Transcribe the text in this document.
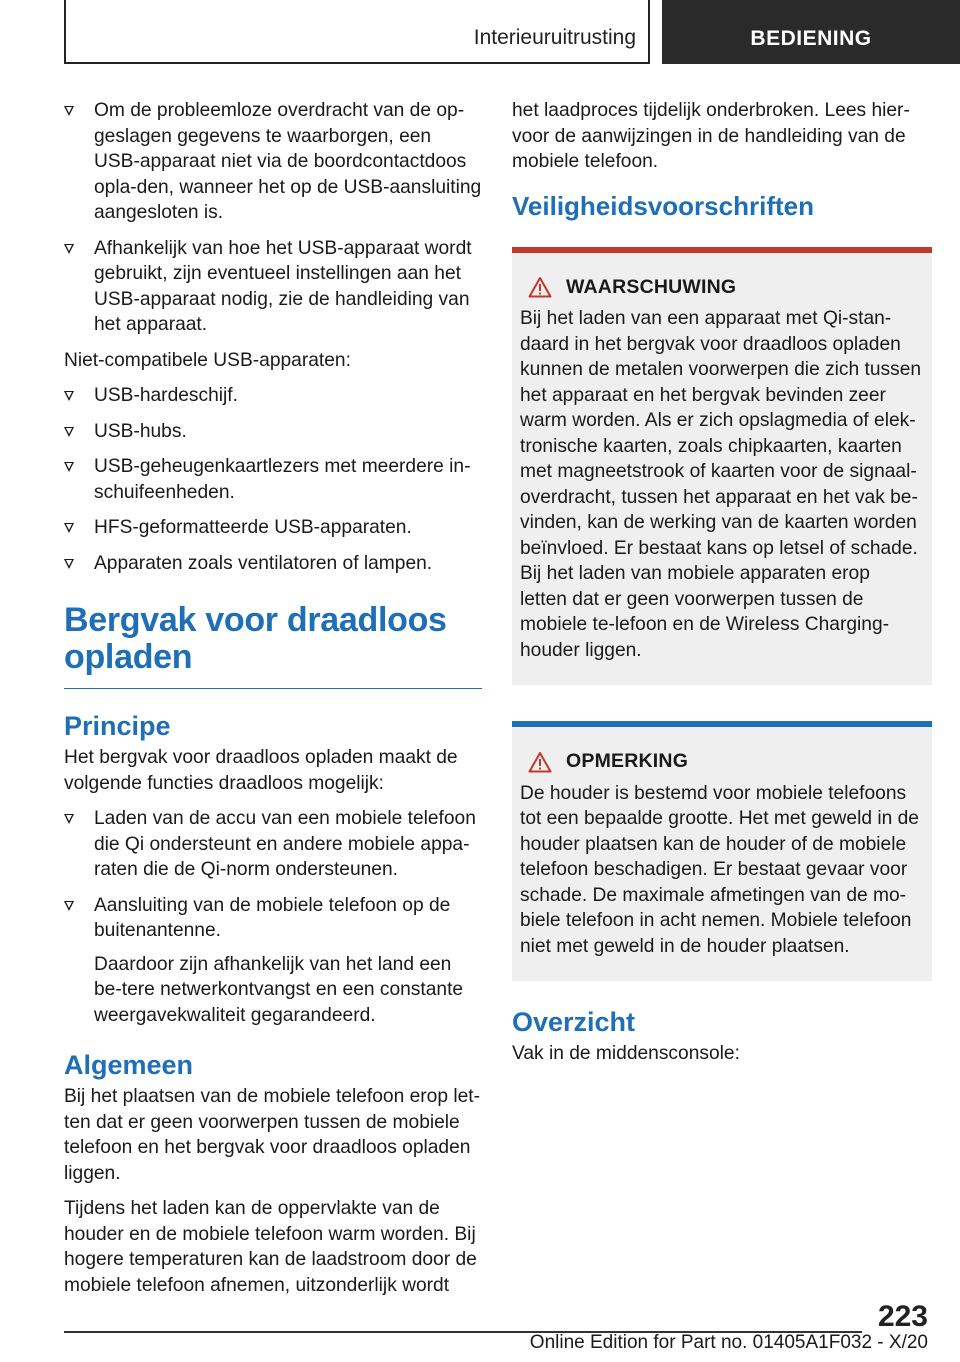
Interieuruitrusting	BEDIENING
Om de probleemloze overdracht van de op-geslagen gegevens te waarborgen, een USB-apparaat niet via de boordcontactdoos opla-den, wanneer het op de USB-aansluiting aangesloten is.
Afhankelijk van hoe het USB-apparaat wordt gebruikt, zijn eventueel instellingen aan het USB-apparaat nodig, zie de handleiding van het apparaat.
Niet-compatibele USB-apparaten:
USB-hardeschijf.
USB-hubs.
USB-geheugenkaartlezers met meerdere in-schuifeenheden.
HFS-geformatteerde USB-apparaten.
Apparaten zoals ventilatoren of lampen.
Bergvak voor draadloos opladen
Principe
Het bergvak voor draadloos opladen maakt de volgende functies draadloos mogelijk:
Laden van de accu van een mobiele telefoon die Qi ondersteunt en andere mobiele appa-raten die de Qi-norm ondersteunen.
Aansluiting van de mobiele telefoon op de buitenantenne.
Daardoor zijn afhankelijk van het land een be-tere netwerkontvangst en een constante weergavekwaliteit gegarandeerd.
Algemeen
Bij het plaatsen van de mobiele telefoon erop let-ten dat er geen voorwerpen tussen de mobiele telefoon en het bergvak voor draadloos opladen liggen.
Tijdens het laden kan de oppervlakte van de houder en de mobiele telefoon warm worden. Bij hogere temperaturen kan de laadstroom door de mobiele telefoon afnemen, uitzonderlijk wordt
het laadproces tijdelijk onderbroken. Lees hier-voor de aanwijzingen in de handleiding van de mobiele telefoon.
Veiligheidsvoorschriften
WAARSCHUWING
Bij het laden van een apparaat met Qi-stan-daard in het bergvak voor draadloos opladen kunnen de metalen voorwerpen die zich tussen het apparaat en het bergvak bevinden zeer warm worden. Als er zich opslagmedia of elek-tronische kaarten, zoals chipkaarten, kaarten met magneetstrook of kaarten voor de signaal-overdracht, tussen het apparaat en het vak be-vinden, kan de werking van de kaarten worden beïnvloed. Er bestaat kans op letsel of schade. Bij het laden van mobiele apparaten erop letten dat er geen voorwerpen tussen de mobiele te-lefoon en de Wireless Charging-houder liggen.
OPMERKING
De houder is bestemd voor mobiele telefoons tot een bepaalde grootte. Het met geweld in de houder plaatsen kan de houder of de mobiele telefoon beschadigen. Er bestaat gevaar voor schade. De maximale afmetingen van de mo-biele telefoon in acht nemen. Mobiele telefoon niet met geweld in de houder plaatsen.
Overzicht
Vak in de middensconsole:
223
Online Edition for Part no. 01405A1F032 - X/20
